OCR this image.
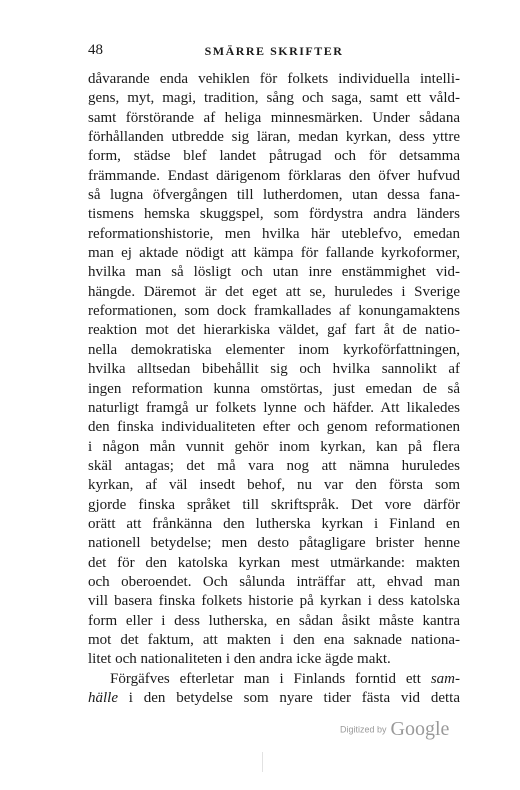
48	SMÄRRE SKRIFTER
dåvarande enda vehiklen för folkets individuella intelli-
gens, myt, magi, tradition, sång och saga, samt ett våld-
samt förstörande af heliga minnesmärken. Under sådana
förhållanden utbredde sig läran, medan kyrkan, dess yttre
form, städse blef landet påtrugad och för detsamma
främmande. Endast därigenom förklaras den öfver hufvud
så lugna öfvergången till lutherdomen, utan dessa fana-
tismens hemska skuggspel, som fördystra andra länders
reformationshistorie, men hvilka här uteblefvo, emedan
man ej aktade nödigt att kämpa för fallande kyrkoformer,
hvilka man så lösligt och utan inre enstämmighet vid-
hängde. Däremot är det eget att se, huruledes i Sverige
reformationen, som dock framkallades af konungamaktens
reaktion mot det hierarkiska väldet, gaf fart åt de natio-
nella demokratiska elementer inom kyrkoförfattningen,
hvilka alltsedan bibehållit sig och hvilka sannolikt af
ingen reformation kunna omstörtas, just emedan de så
naturligt framgå ur folkets lynne och häfder. Att likaledes
den finska individualiteten efter och genom reformationen
i någon mån vunnit gehör inom kyrkan, kan på flera
skäl antagas; det må vara nog att nämna huruledes
kyrkan, af väl insedt behof, nu var den första som
gjorde finska språket till skriftspråk. Det vore därför
orätt att frånkänna den lutherska kyrkan i Finland en
nationell betydelse; men desto påtagligare brister henne
det för den katolska kyrkan mest utmärkande: makten
och oberoendet. Och sålunda inträffar att, ehvad man
vill basera finska folkets historie på kyrkan i dess katolska
form eller i dess lutherska, en sådan åsikt måste kantra
mot det faktum, att makten i den ena saknade nationa-
litet och nationaliteten i den andra icke ägde makt.
Förgäfves efterletar man i Finlands forntid ett sam-
hälle i den betydelse som nyare tider fästa vid detta
Digitized by Google
